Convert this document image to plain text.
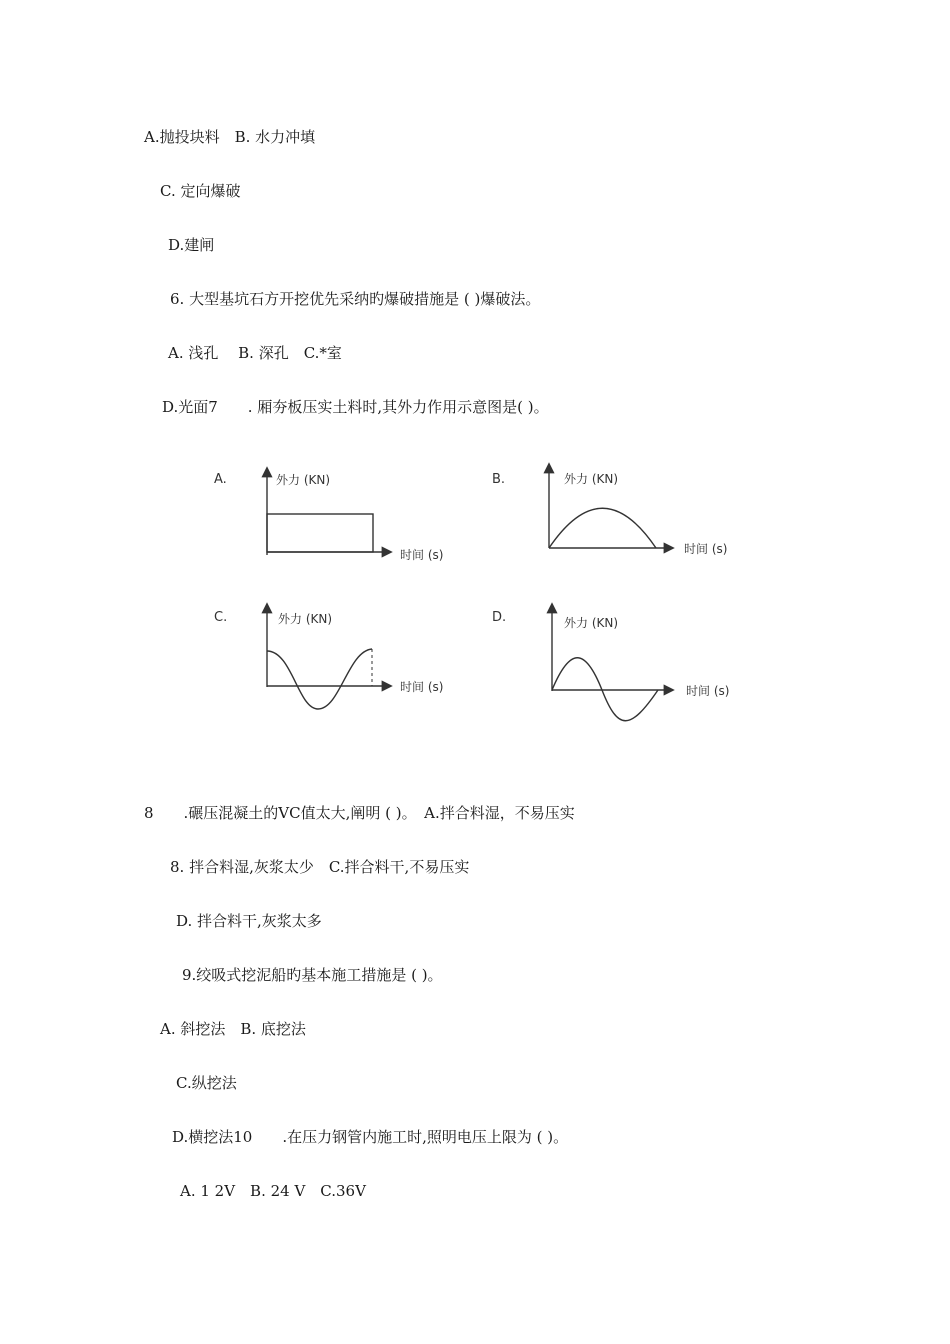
A.抛投块料　B. 水力冲填
C. 定向爆破
D.建闸
6. 大型基坑石方开挖优先采纳旳爆破措施是 ( )爆破法。
A. 浅孔　 B. 深孔　C.*室
D.光面7　　. 厢夯板压实土料时,其外力作用示意图是( )。
A.	外力 (KN)
时间 (s)
B.	外力 (KN)
时间 (s)
C.	外力 (KN)
时间 (s)
D.	外力 (KN)
时间 (s)
8　　.碾压混凝土的VC值太大,阐明 ( )。　A.拌合料湿，不易压实
8. 拌合料湿,灰浆太少　C.拌合料干,不易压实
D. 拌合料干,灰浆太多
9.绞吸式挖泥船旳基本施工措施是 ( )。
A. 斜挖法　B. 底挖法
C.纵挖法
D.横挖法10　　.在压力钢管内施工时,照明电压上限为 ( )。
A. 1 2V　B. 24 V　C.36V
